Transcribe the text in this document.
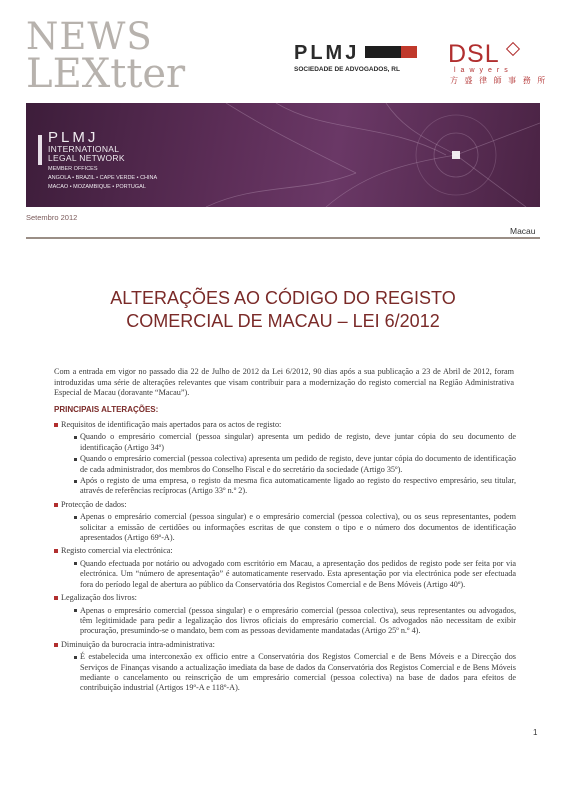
NEWS
LEXtter	PLMJ
SOCIEDADE DE ADVOGADOS, RL
DSL
lawyers
方 盛 律 師 事 務 所
PLMJ
INTERNATIONAL
LEGAL NETWORK
MEMBER OFFICES
ANGOLA • BRAZIL • CAPE VERDE • CHINA
MACAO • MOZAMBIQUE • PORTUGAL
Setembro 2012
Macau
ALTERAÇÕES AO CÓDIGO DO REGISTO
COMERCIAL DE MACAU – LEI 6/2012
Com a entrada em vigor no passado dia 22 de Julho de 2012 da Lei 6/2012, 90 dias após a sua publicação a 23 de Abril de 2012, foram introduzidas uma série de alterações relevantes que visam contribuir para a modernização do registo comercial na Região Administrativa Especial de Macau (doravante “Macau”).
PRINCIPAIS ALTERAÇÕES:
Requisitos de identificação mais apertados para os actos de registo:
Quando o empresário comercial (pessoa singular) apresenta um pedido de registo, deve juntar cópia do seu documento de identificação (Artigo 34º)
Quando o empresário comercial (pessoa colectiva) apresenta um pedido de registo, deve juntar cópia do documento de identificação de cada administrador, dos membros do Conselho Fiscal e do secretário da sociedade (Artigo 35º).
Após o registo de uma empresa, o registo da mesma fica automaticamente ligado ao registo do respectivo empresário, seu titular, através de referências recíprocas (Artigo 33º n.º 2).
Protecção de dados:
Apenas o empresário comercial (pessoa singular) e o empresário comercial (pessoa colectiva), ou os seus representantes, podem solicitar a emissão de certidões ou informações escritas de que constem o tipo e o número dos documentos de identificação apresentados (Artigo 69º-A).
Registo comercial via electrónica:
Quando efectuada por notário ou advogado com escritório em Macau, a apresentação dos pedidos de registo pode ser feita por via electrónica. Um “número de apresentação” é automaticamente reservado. Esta apresentação por via electrónica pode ser efectuada fora do período legal de abertura ao público da Conservatória dos Registos Comercial e de Bens Móveis (Artigo 40º).
Legalização dos livros:
Apenas o empresário comercial (pessoa singular) e o empresário comercial (pessoa colectiva), seus representantes ou advogados, têm legitimidade para pedir a legalização dos livros oficiais do empresário comercial. Os advogados não necessitam de exibir procuração, presumindo-se o mandato, bem com as pessoas devidamente mandatadas (Artigo 25º n.º 4).
Diminuição da burocracia intra-administrativa:
É estabelecida uma interconexão ex officio entre a Conservatória dos Registos Comercial e de Bens Móveis e a Direcção dos Serviços de Finanças visando a actualização imediata da base de dados da Conservatória dos Registos Comercial e de Bens Móveis mediante o cancelamento ou reinscrição de um empresário comercial (pessoa colectiva) na base de dados para efeitos de contribuição industrial (Artigos 19º-A e 118º-A).
1
